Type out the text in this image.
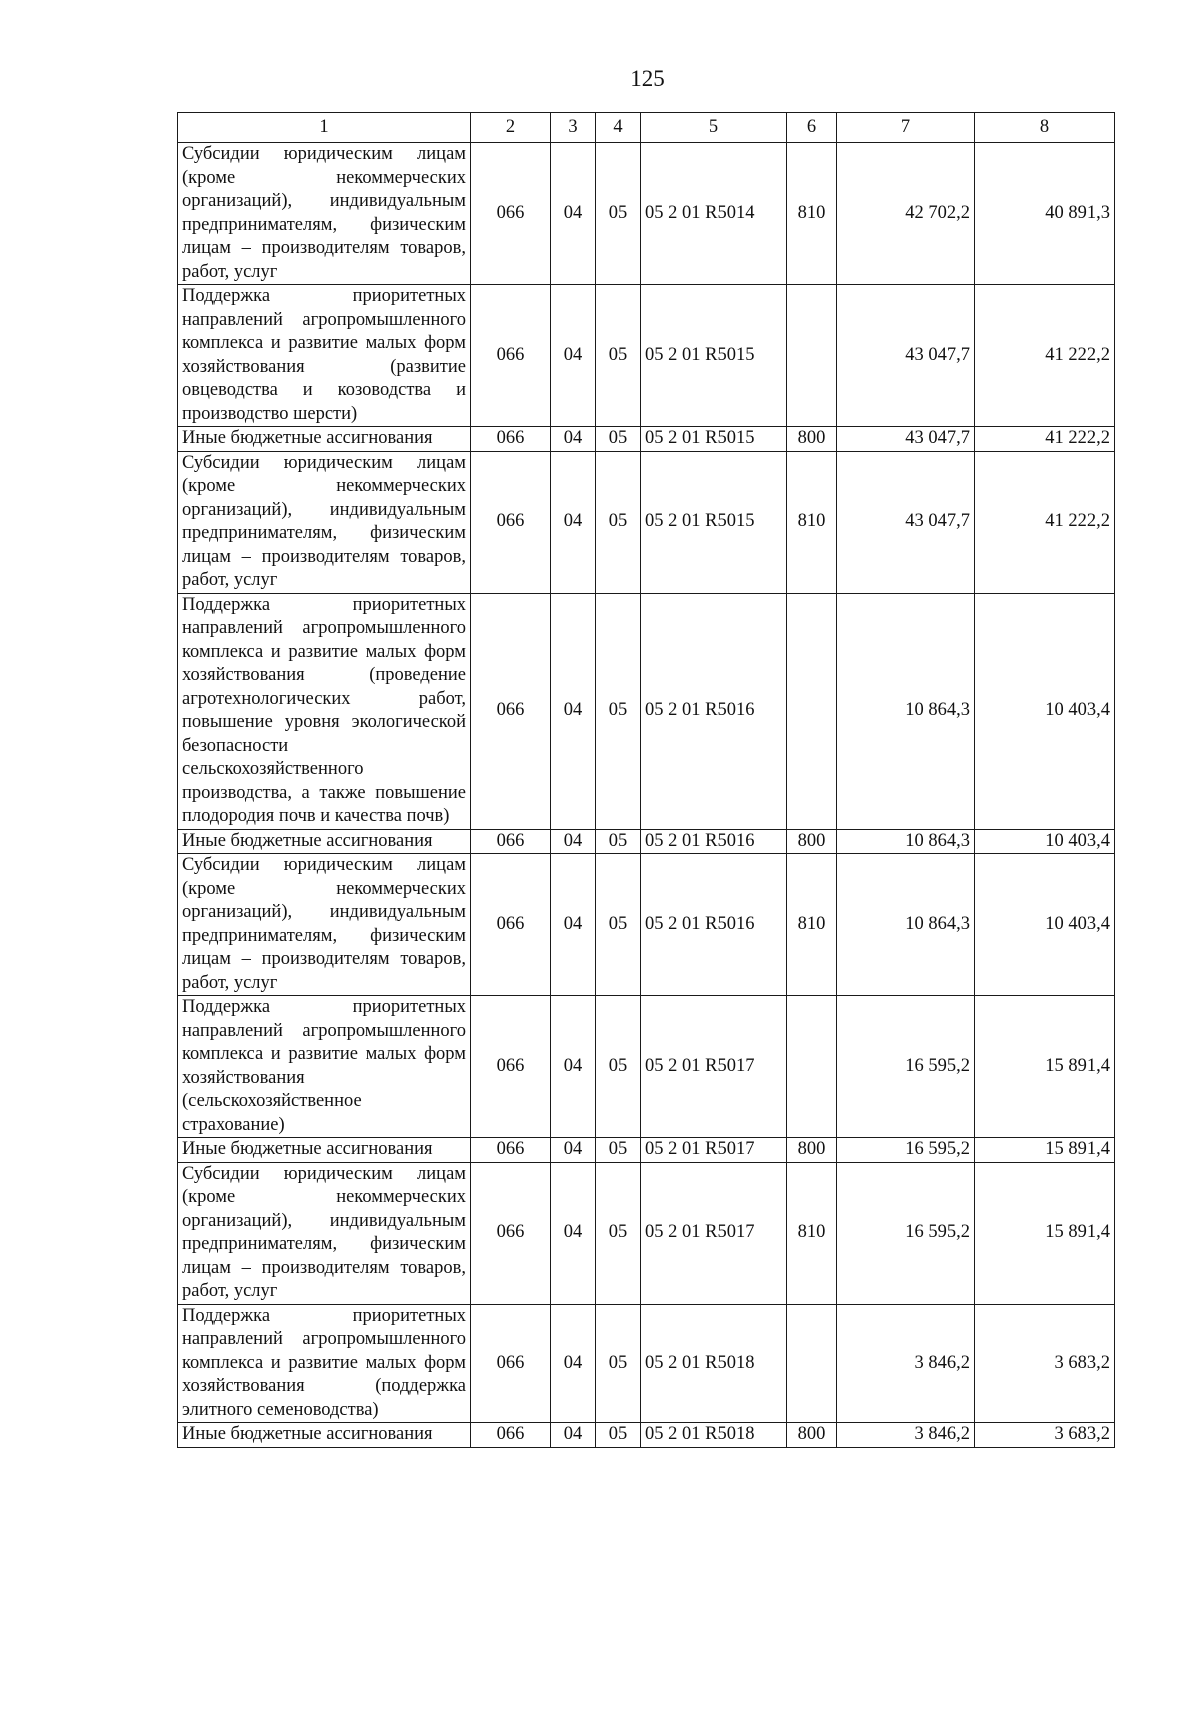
125
1	2	3	4	5	6	7	8
Субсидии юридическим лицам (кроме некоммерческих организаций), индивидуальным предпринимателям, физическим лицам – производителям товаров, работ, услуг	066	04	05	05 2 01 R5014	810	42 702,2	40 891,3
Поддержка приоритетных направлений агропромышленного комплекса и развитие малых форм хозяйствования (развитие овцеводства и козоводства и производство шерсти)	066	04	05	05 2 01 R5015		43 047,7	41 222,2
Иные бюджетные ассигнования	066	04	05	05 2 01 R5015	800	43 047,7	41 222,2
Субсидии юридическим лицам (кроме некоммерческих организаций), индивидуальным предпринимателям, физическим лицам – производителям товаров, работ, услуг	066	04	05	05 2 01 R5015	810	43 047,7	41 222,2
Поддержка приоритетных направлений агропромышленного комплекса и развитие малых форм хозяйствования (проведение агротехнологических работ, повышение уровня экологической безопасности сельскохозяйственного производства, а также повышение плодородия почв и качества почв)	066	04	05	05 2 01 R5016		10 864,3	10 403,4
Иные бюджетные ассигнования	066	04	05	05 2 01 R5016	800	10 864,3	10 403,4
Субсидии юридическим лицам (кроме некоммерческих организаций), индивидуальным предпринимателям, физическим лицам – производителям товаров, работ, услуг	066	04	05	05 2 01 R5016	810	10 864,3	10 403,4
Поддержка приоритетных направлений агропромышленного комплекса и развитие малых форм хозяйствования (сельскохозяйственное страхование)	066	04	05	05 2 01 R5017		16 595,2	15 891,4
Иные бюджетные ассигнования	066	04	05	05 2 01 R5017	800	16 595,2	15 891,4
Субсидии юридическим лицам (кроме некоммерческих организаций), индивидуальным предпринимателям, физическим лицам – производителям товаров, работ, услуг	066	04	05	05 2 01 R5017	810	16 595,2	15 891,4
Поддержка приоритетных направлений агропромышленного комплекса и развитие малых форм хозяйствования (поддержка элитного семеноводства)	066	04	05	05 2 01 R5018		3 846,2	3 683,2
Иные бюджетные ассигнования	066	04	05	05 2 01 R5018	800	3 846,2	3 683,2
